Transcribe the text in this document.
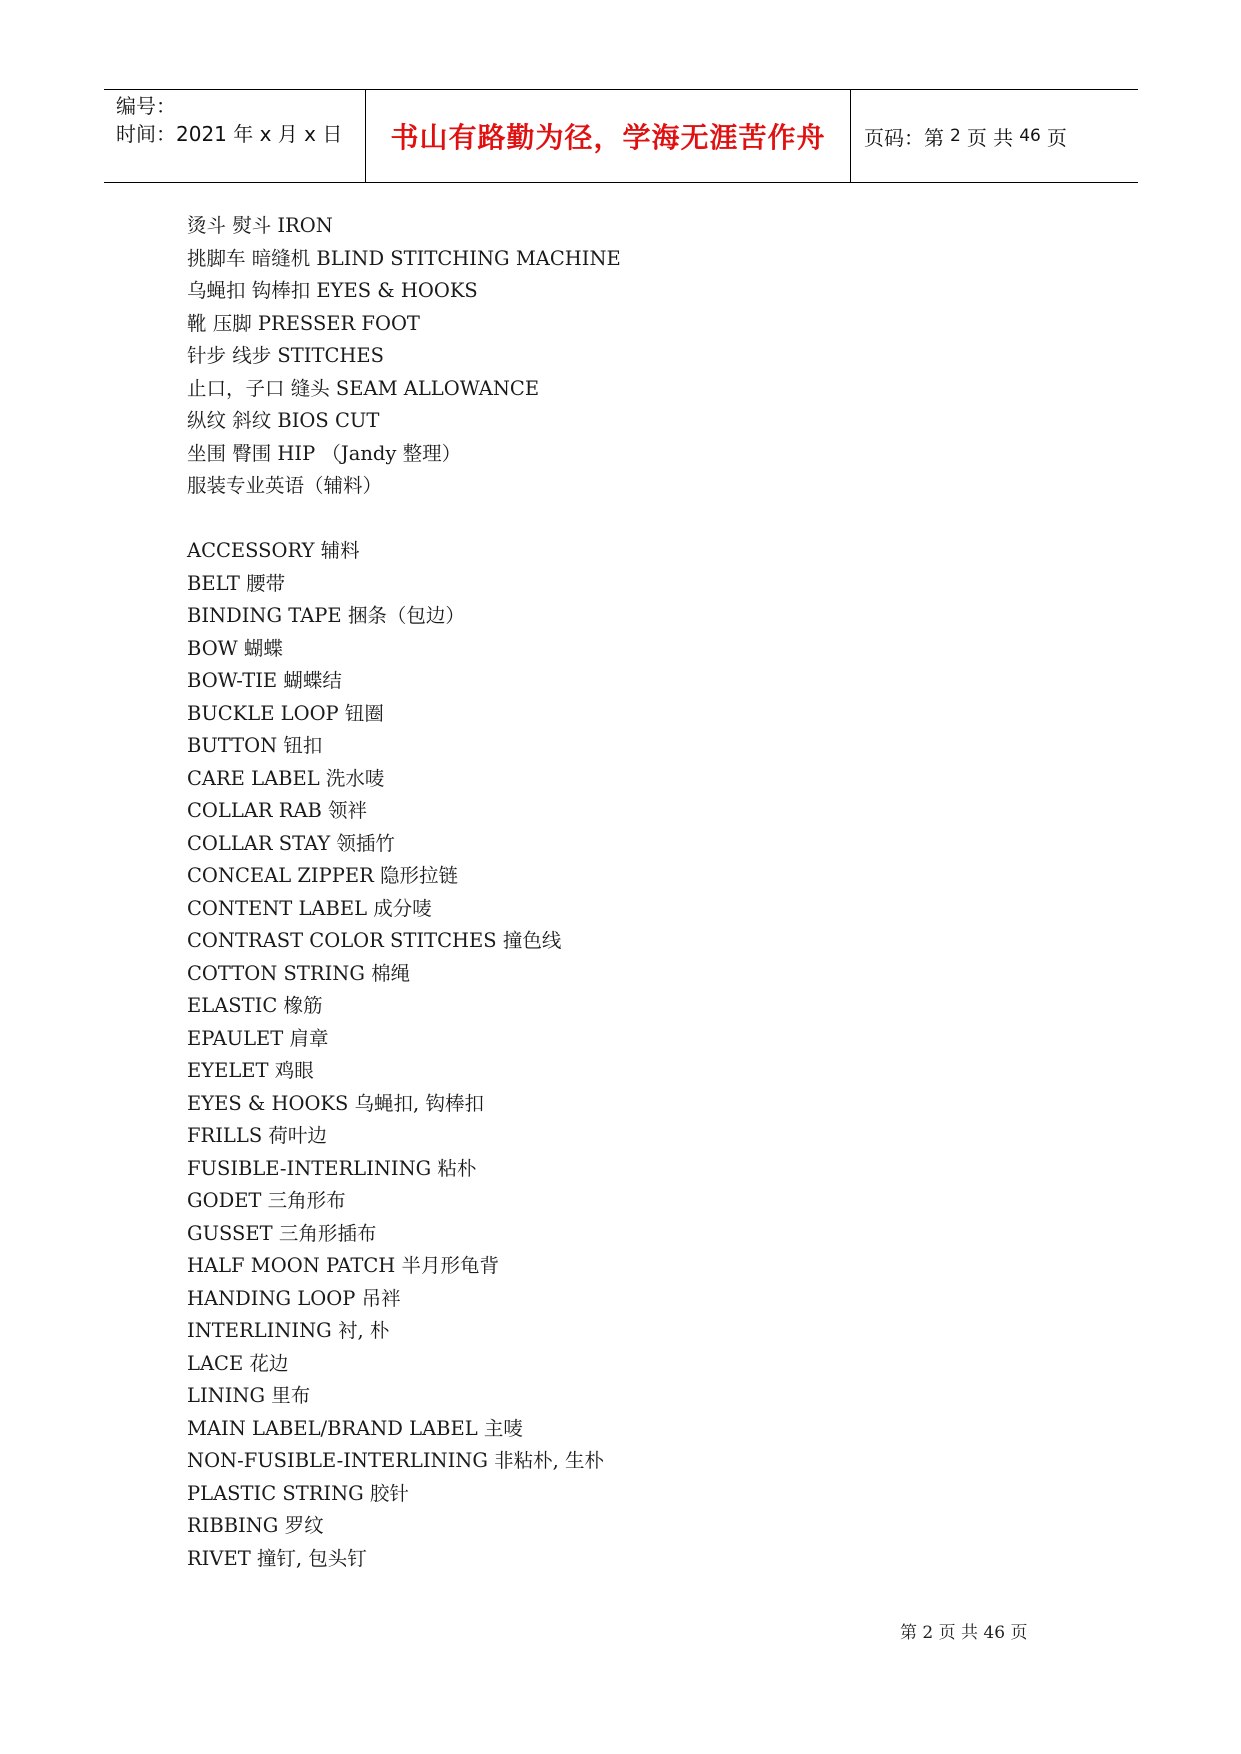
编号：
时间：2021 年 x 月 x 日	书山有路勤为径，学海无涯苦作舟	页码：第 2 页 共 46 页
烫斗 熨斗 IRON
挑脚车 暗缝机 BLIND STITCHING MACHINE
乌蝇扣 钩棒扣 EYES & HOOKS
靴 压脚 PRESSER FOOT
针步 线步 STITCHES
止口，子口 缝头 SEAM ALLOWANCE
纵纹 斜纹 BIOS CUT
坐围 臀围 HIP （Jandy 整理）
服装专业英语（辅料）
ACCESSORY 辅料
BELT 腰带
BINDING TAPE 捆条（包边）
BOW 蝴蝶
BOW-TIE 蝴蝶结
BUCKLE LOOP 钮圈
BUTTON 钮扣
CARE LABEL 洗水唛
COLLAR RAB 领袢
COLLAR STAY 领插竹
CONCEAL ZIPPER 隐形拉链
CONTENT LABEL 成分唛
CONTRAST COLOR STITCHES 撞色线
COTTON STRING 棉绳
ELASTIC 橡筋
EPAULET 肩章
EYELET 鸡眼
EYES & HOOKS 乌蝇扣, 钩棒扣
FRILLS 荷叶边
FUSIBLE-INTERLINING 粘朴
GODET 三角形布
GUSSET 三角形插布
HALF MOON PATCH 半月形龟背
HANDING LOOP 吊袢
INTERLINING 衬, 朴
LACE 花边
LINING 里布
MAIN LABEL/BRAND LABEL 主唛
NON-FUSIBLE-INTERLINING 非粘朴, 生朴
PLASTIC STRING 胶针
RIBBING 罗纹
RIVET 撞钉, 包头钉
第 2 页 共 46 页
